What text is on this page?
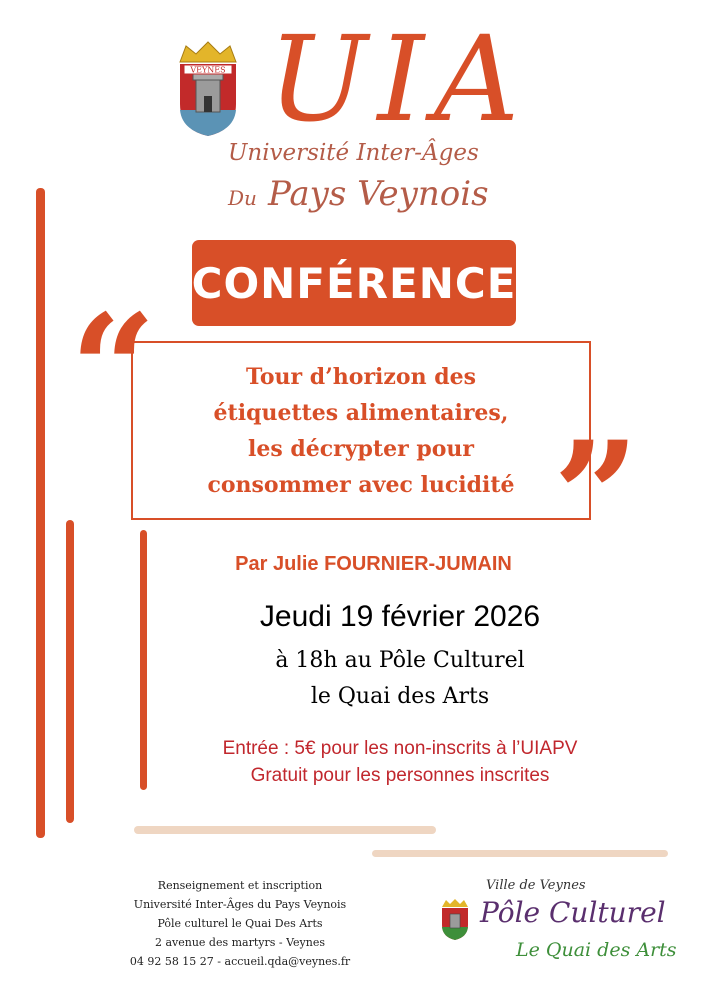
VEYNES UIA
Université Inter-Âges
Du Pays Veynois
CONFÉRENCE
Tour d’horizon des
étiquettes alimentaires,
les décrypter pour
consommer avec lucidité
“
”
Par Julie FOURNIER-JUMAIN
Jeudi 19 février 2026
à 18h au Pôle Culturel
le Quai des Arts
Entrée : 5€ pour les non-inscrits à l’UIAPV
Gratuit pour les personnes inscrites
Renseignement et inscription
Université Inter-Âges du Pays Veynois
Pôle culturel le Quai Des Arts
2 avenue des martyrs - Veynes
04 92 58 15 27 - accueil.qda@veynes.fr
Ville de Veynes
Pôle Culturel
Le Quai des Arts
